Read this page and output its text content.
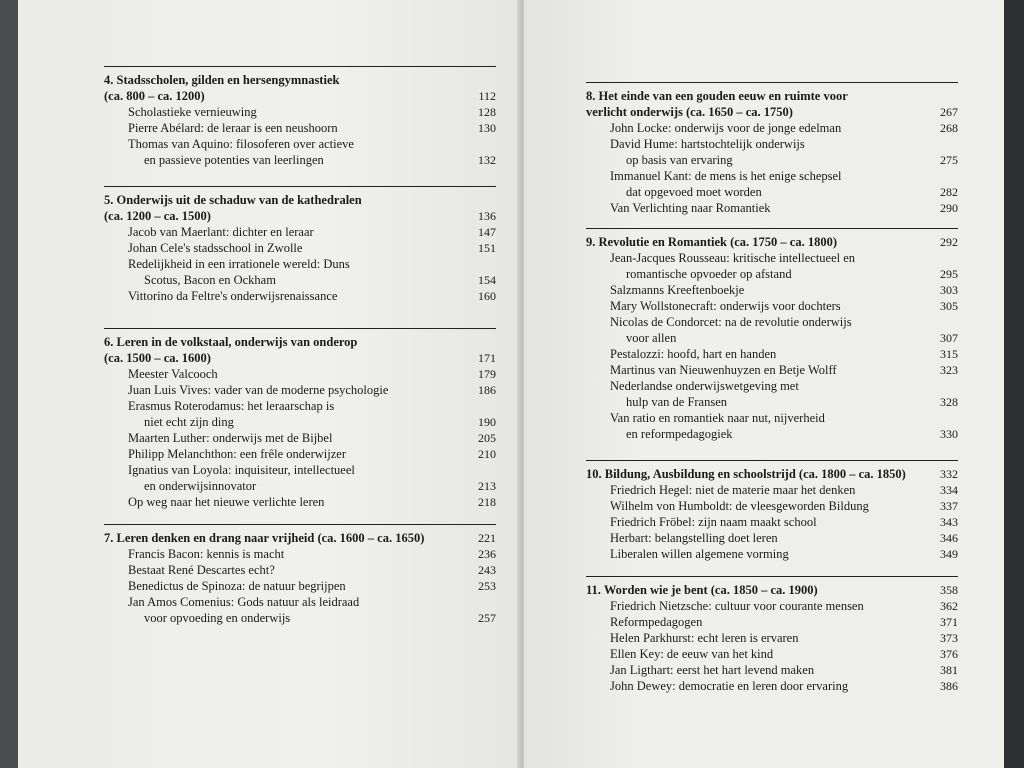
4. Stadsscholen, gilden en hersengymnastiek
(ca. 800 – ca. 1200)	112
Scholastieke vernieuwing	128
Pierre Abélard: de leraar is een neushoorn	130
Thomas van Aquino: filosoferen over actieve
en passieve potenties van leerlingen	132
5. Onderwijs uit de schaduw van de kathedralen
(ca. 1200 – ca. 1500)	136
Jacob van Maerlant: dichter en leraar	147
Johan Cele's stadsschool in Zwolle	151
Redelijkheid in een irrationele wereld: Duns
Scotus, Bacon en Ockham	154
Vittorino da Feltre's onderwijsrenaissance	160
6. Leren in de volkstaal, onderwijs van onderop
(ca. 1500 – ca. 1600)	171
Meester Valcooch	179
Juan Luis Vives: vader van de moderne psychologie	186
Erasmus Roterodamus: het leraarschap is
niet echt zijn ding	190
Maarten Luther: onderwijs met de Bijbel	205
Philipp Melanchthon: een frêle onderwijzer	210
Ignatius van Loyola: inquisiteur, intellectueel
en onderwijsinnovator	213
Op weg naar het nieuwe verlichte leren	218
7. Leren denken en drang naar vrijheid (ca. 1600 – ca. 1650)	221
Francis Bacon: kennis is macht	236
Bestaat René Descartes echt?	243
Benedictus de Spinoza: de natuur begrijpen	253
Jan Amos Comenius: Gods natuur als leidraad
voor opvoeding en onderwijs	257
8. Het einde van een gouden eeuw en ruimte voor
verlicht onderwijs (ca. 1650 – ca. 1750)	267
John Locke: onderwijs voor de jonge edelman	268
David Hume: hartstochtelijk onderwijs
op basis van ervaring	275
Immanuel Kant: de mens is het enige schepsel
dat opgevoed moet worden	282
Van Verlichting naar Romantiek	290
9. Revolutie en Romantiek (ca. 1750 – ca. 1800)	292
Jean-Jacques Rousseau: kritische intellectueel en
romantische opvoeder op afstand	295
Salzmanns Kreeftenboekje	303
Mary Wollstonecraft: onderwijs voor dochters	305
Nicolas de Condorcet: na de revolutie onderwijs
voor allen	307
Pestalozzi: hoofd, hart en handen	315
Martinus van Nieuwenhuyzen en Betje Wolff	323
Nederlandse onderwijswetgeving met
hulp van de Fransen	328
Van ratio en romantiek naar nut, nijverheid
en reformpedagogiek	330
10. Bildung, Ausbildung en schoolstrijd (ca. 1800 – ca. 1850)	332
Friedrich Hegel: niet de materie maar het denken	334
Wilhelm von Humboldt: de vleesgeworden Bildung	337
Friedrich Fröbel: zijn naam maakt school	343
Herbart: belangstelling doet leren	346
Liberalen willen algemene vorming	349
11. Worden wie je bent (ca. 1850 – ca. 1900)	358
Friedrich Nietzsche: cultuur voor courante mensen	362
Reformpedagogen	371
Helen Parkhurst: echt leren is ervaren	373
Ellen Key: de eeuw van het kind	376
Jan Ligthart: eerst het hart levend maken	381
John Dewey: democratie en leren door ervaring	386
